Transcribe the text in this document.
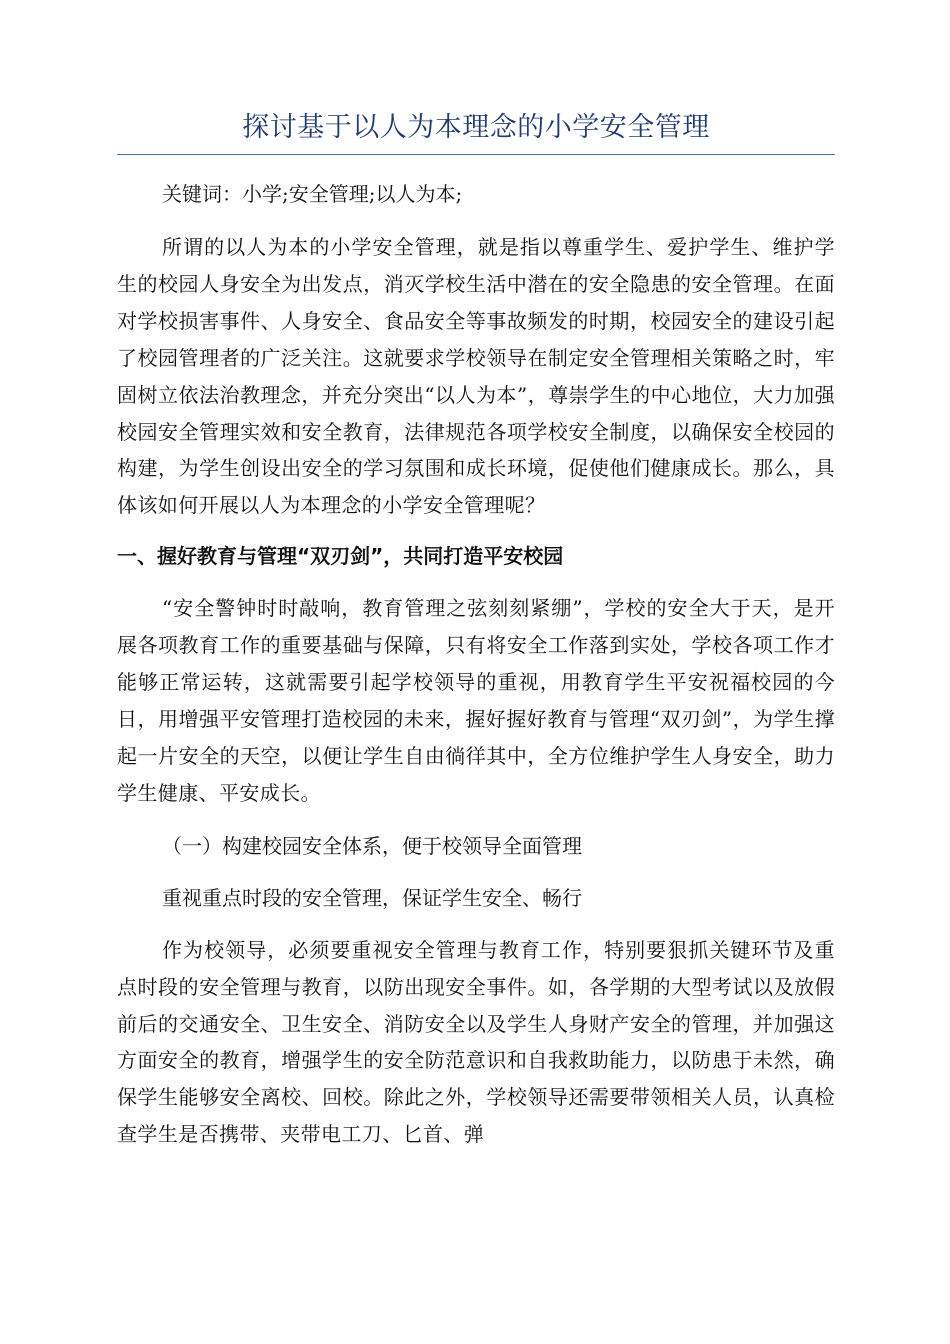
探讨基于以人为本理念的小学安全管理

关键词：小学;安全管理;以人为本;

所谓的以人为本的小学安全管理，就是指以尊重学生、爱护学生、维护学生的校园人身安全为出发点，消灭学校生活中潜在的安全隐患的安全管理。在面对学校损害事件、人身安全、食品安全等事故频发的时期，校园安全的建设引起了校园管理者的广泛关注。这就要求学校领导在制定安全管理相关策略之时，牢固树立依法治教理念，并充分突出“以人为本”，尊崇学生的中心地位，大力加强校园安全管理实效和安全教育，法律规范各项学校安全制度，以确保安全校园的构建，为学生创设出安全的学习氛围和成长环境，促使他们健康成长。那么，具体该如何开展以人为本理念的小学安全管理呢？

一、握好教育与管理“双刃剑”，共同打造平安校园

“安全警钟时时敲响，教育管理之弦刻刻紧绷”，学校的安全大于天，是开展各项教育工作的重要基础与保障，只有将安全工作落到实处，学校各项工作才能够正常运转，这就需要引起学校领导的重视，用教育学生平安祝福校园的今日，用增强平安管理打造校园的未来，握好握好教育与管理“双刃剑”，为学生撑起一片安全的天空，以便让学生自由徜徉其中，全方位维护学生人身安全，助力学生健康、平安成长。

（一）构建校园安全体系，便于校领导全面管理

重视重点时段的安全管理，保证学生安全、畅行

作为校领导，必须要重视安全管理与教育工作，特别要狠抓关键环节及重点时段的安全管理与教育，以防出现安全事件。如，各学期的大型考试以及放假前后的交通安全、卫生安全、消防安全以及学生人身财产安全的管理，并加强这方面安全的教育，增强学生的安全防范意识和自我救助能力，以防患于未然，确保学生能够安全离校、回校。除此之外，学校领导还需要带领相关人员，认真检查学生是否携带、夹带电工刀、匕首、弹
